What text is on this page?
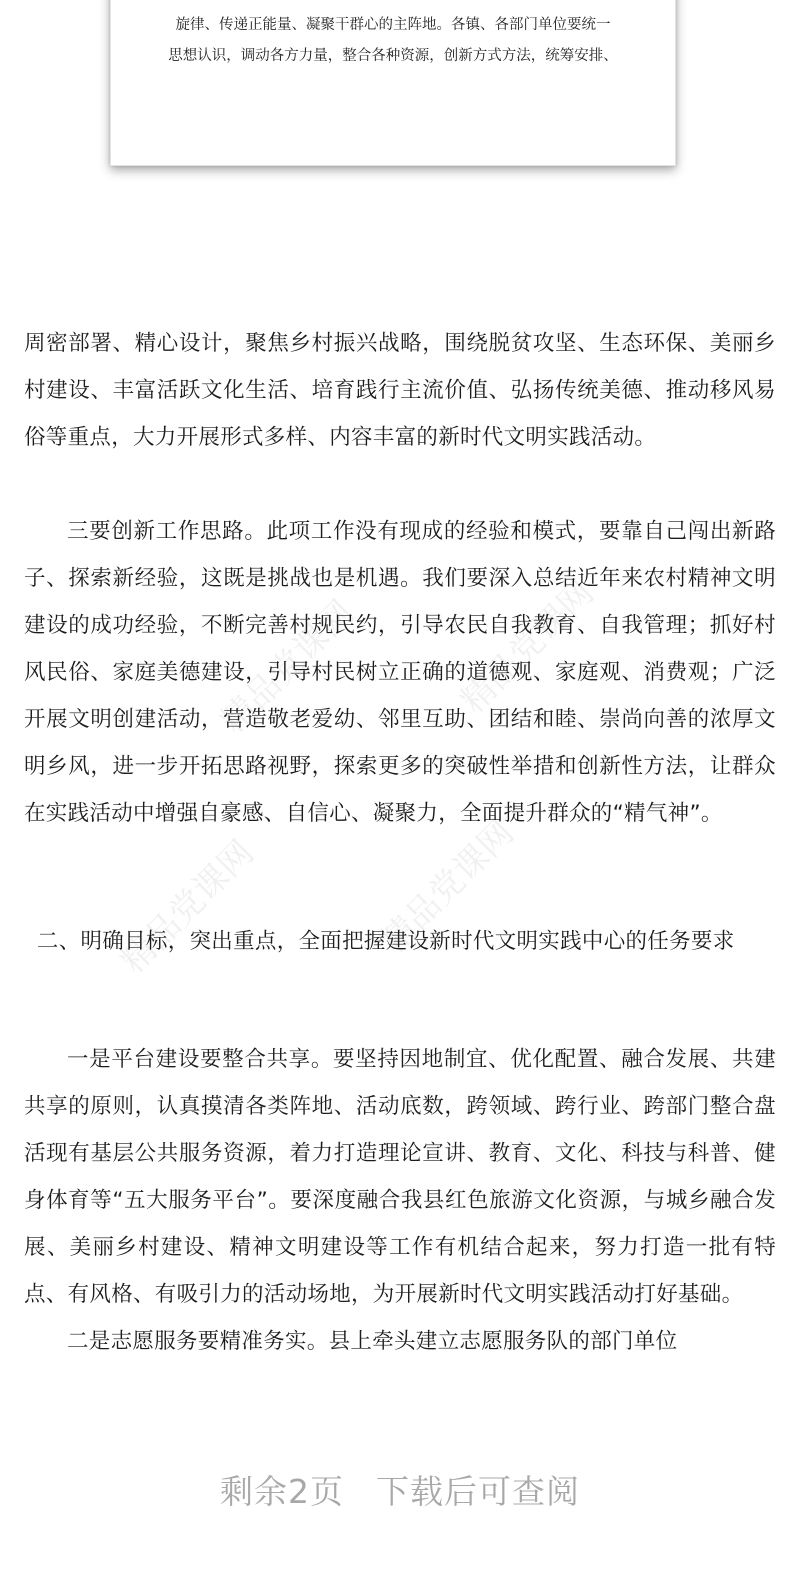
旋律、传递正能量、凝聚干群心的主阵地。各镇、各部门单位要统一
思想认识，调动各方力量，整合各种资源，创新方式方法，统筹安排、
精品党课网	精品党课网
精品党课网	精品党课网
周密部署、精心设计，聚焦乡村振兴战略，围绕脱贫攻坚、生态环保、美丽乡村建设、丰富活跃文化生活、培育践行主流价值、弘扬传统美德、推动移风易俗等重点，大力开展形式多样、内容丰富的新时代文明实践活动。
三要创新工作思路。此项工作没有现成的经验和模式，要靠自己闯出新路子、探索新经验，这既是挑战也是机遇。我们要深入总结近年来农村精神文明建设的成功经验，不断完善村规民约，引导农民自我教育、自我管理；抓好村风民俗、家庭美德建设，引导村民树立正确的道德观、家庭观、消费观；广泛开展文明创建活动，营造敬老爱幼、邻里互助、团结和睦、崇尚向善的浓厚文明乡风，进一步开拓思路视野，探索更多的突破性举措和创新性方法，让群众在实践活动中增强自豪感、自信心、凝聚力，全面提升群众的“精气神”。
二、明确目标，突出重点，全面把握建设新时代文明实践中心的任务要求
一是平台建设要整合共享。要坚持因地制宜、优化配置、融合发展、共建共享的原则，认真摸清各类阵地、活动底数，跨领域、跨行业、跨部门整合盘活现有基层公共服务资源，着力打造理论宣讲、教育、文化、科技与科普、健身体育等“五大服务平台”。要深度融合我县红色旅游文化资源，与城乡融合发展、美丽乡村建设、精神文明建设等工作有机结合起来，努力打造一批有特点、有风格、有吸引力的活动场地，为开展新时代文明实践活动打好基础。
二是志愿服务要精准务实。县上牵头建立志愿服务队的部门单位
剩余2页 下载后可查阅
